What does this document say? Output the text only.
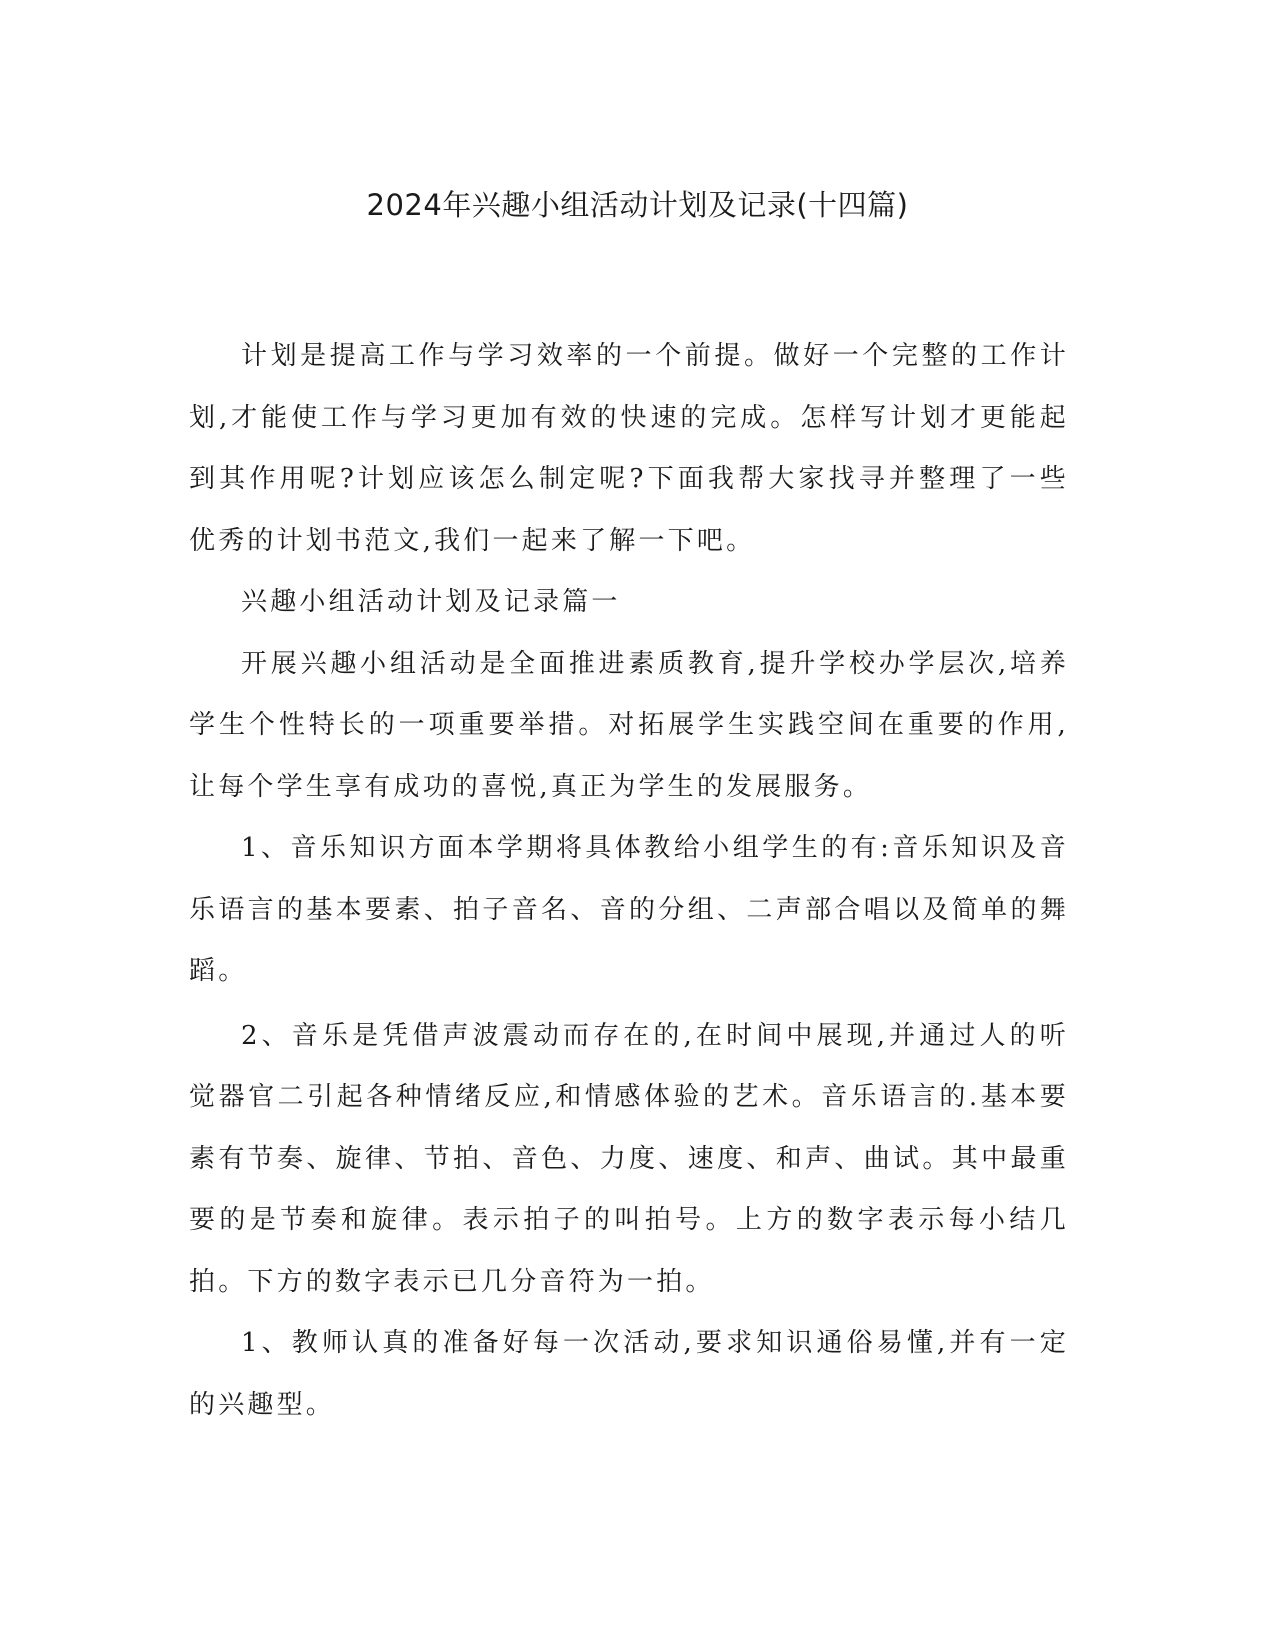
2024年兴趣小组活动计划及记录(十四篇)

计划是提高工作与学习效率的一个前提。做好一个完整的工作计划,才能使工作与学习更加有效的快速的完成。怎样写计划才更能起到其作用呢?计划应该怎么制定呢?下面我帮大家找寻并整理了一些优秀的计划书范文,我们一起来了解一下吧。

兴趣小组活动计划及记录篇一

开展兴趣小组活动是全面推进素质教育,提升学校办学层次,培养学生个性特长的一项重要举措。对拓展学生实践空间在重要的作用,让每个学生享有成功的喜悦,真正为学生的发展服务。

1、音乐知识方面本学期将具体教给小组学生的有:音乐知识及音乐语言的基本要素、拍子音名、音的分组、二声部合唱以及简单的舞蹈。

2、音乐是凭借声波震动而存在的,在时间中展现,并通过人的听觉器官二引起各种情绪反应,和情感体验的艺术。音乐语言的.基本要素有节奏、旋律、节拍、音色、力度、速度、和声、曲试。其中最重要的是节奏和旋律。表示拍子的叫拍号。上方的数字表示每小结几拍。下方的数字表示已几分音符为一拍。

1、教师认真的准备好每一次活动,要求知识通俗易懂,并有一定的兴趣型。
